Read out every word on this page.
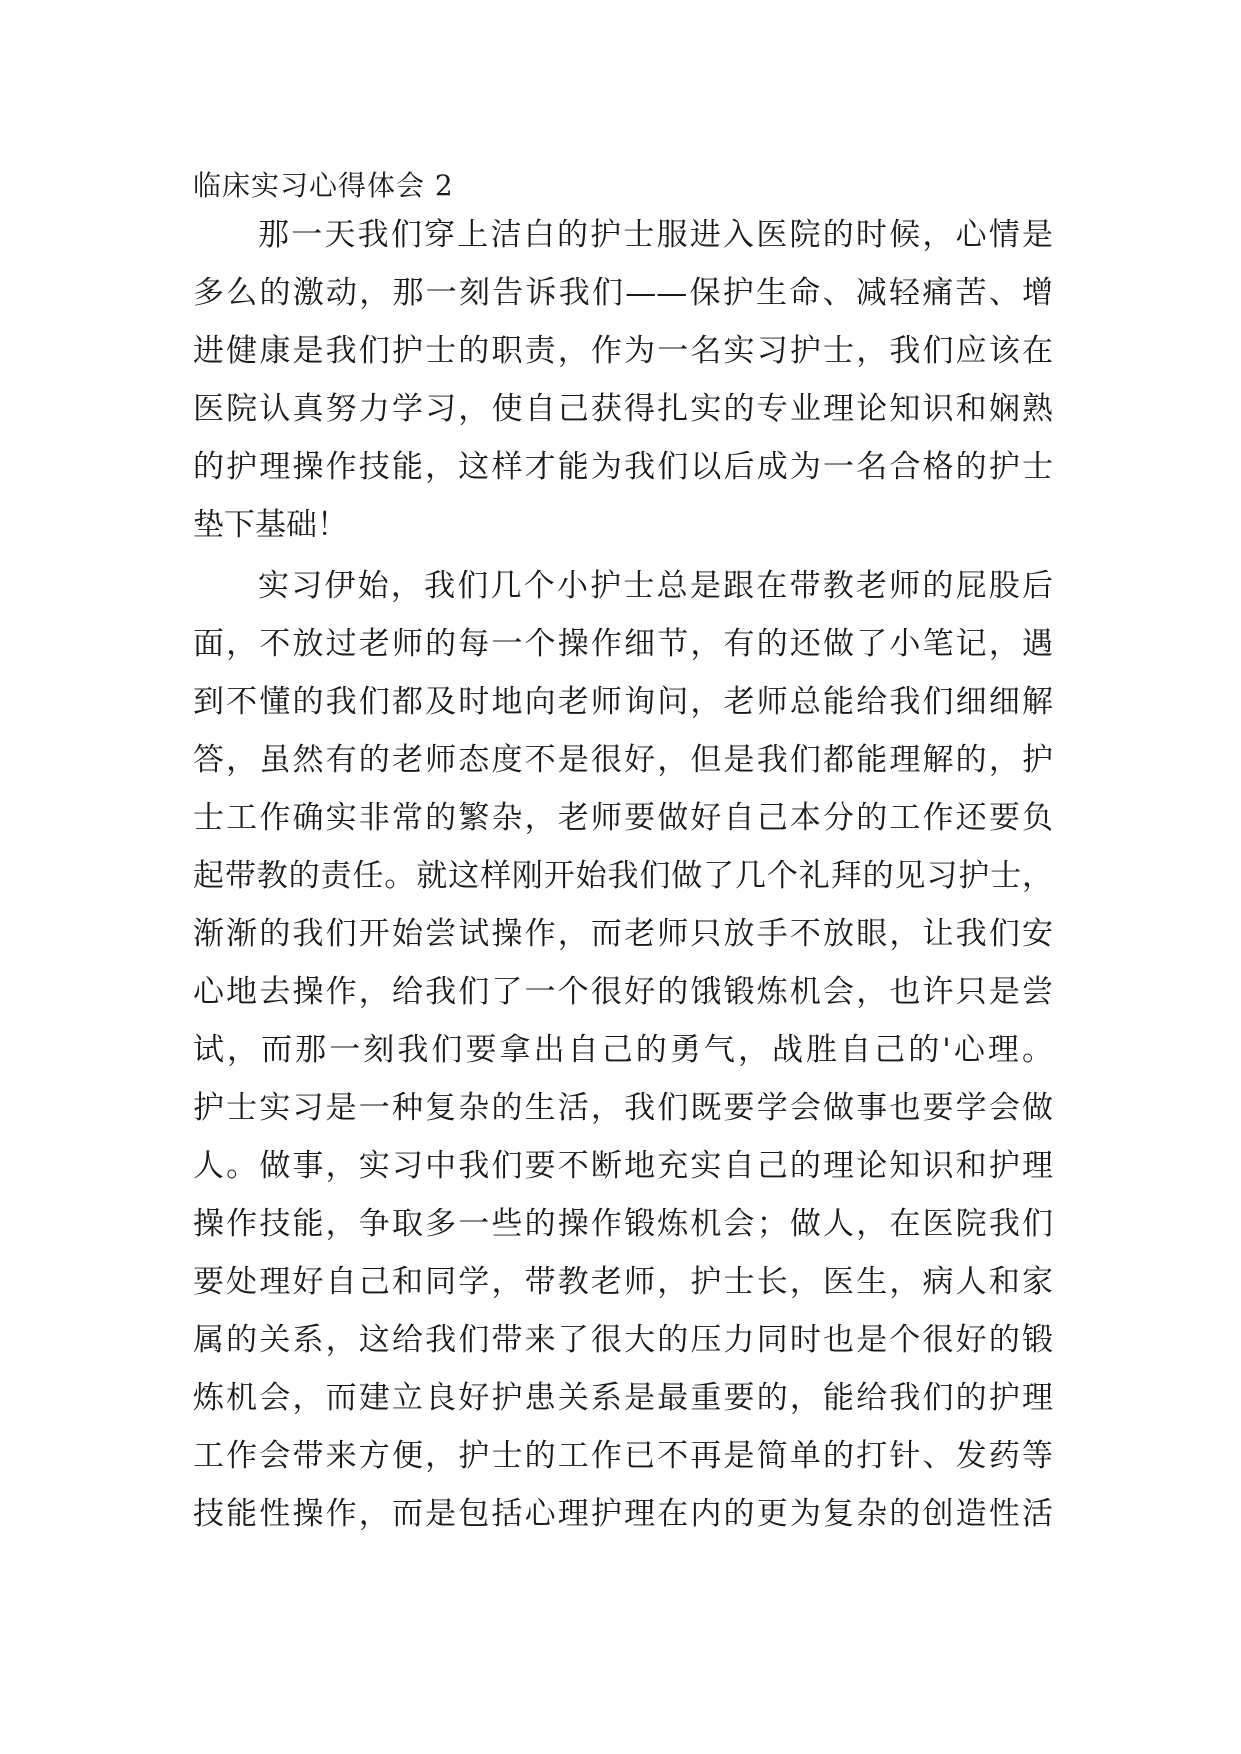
临床实习心得体会 2

那一天我们穿上洁白的护士服进入医院的时候，心情是

多么的激动，那一刻告诉我们——保护生命、减轻痛苦、增

进健康是我们护士的职责，作为一名实习护士，我们应该在

医院认真努力学习，使自己获得扎实的专业理论知识和娴熟

的护理操作技能，这样才能为我们以后成为一名合格的护士

垫下基础！

实习伊始，我们几个小护士总是跟在带教老师的屁股后

面，不放过老师的每一个操作细节，有的还做了小笔记，遇

到不懂的我们都及时地向老师询问，老师总能给我们细细解

答，虽然有的老师态度不是很好，但是我们都能理解的，护

士工作确实非常的繁杂，老师要做好自己本分的工作还要负

起带教的责任。就这样刚开始我们做了几个礼拜的见习护士，

渐渐的我们开始尝试操作，而老师只放手不放眼，让我们安

心地去操作，给我们了一个很好的饿锻炼机会，也许只是尝

试，而那一刻我们要拿出自己的勇气，战胜自己的'心理。

护士实习是一种复杂的生活，我们既要学会做事也要学会做

人。做事，实习中我们要不断地充实自己的理论知识和护理

操作技能，争取多一些的操作锻炼机会；做人，在医院我们

要处理好自己和同学，带教老师，护士长，医生，病人和家

属的关系，这给我们带来了很大的压力同时也是个很好的锻

炼机会，而建立良好护患关系是最重要的，能给我们的护理

工作会带来方便，护士的工作已不再是简单的打针、发药等

技能性操作，而是包括心理护理在内的更为复杂的创造性活
